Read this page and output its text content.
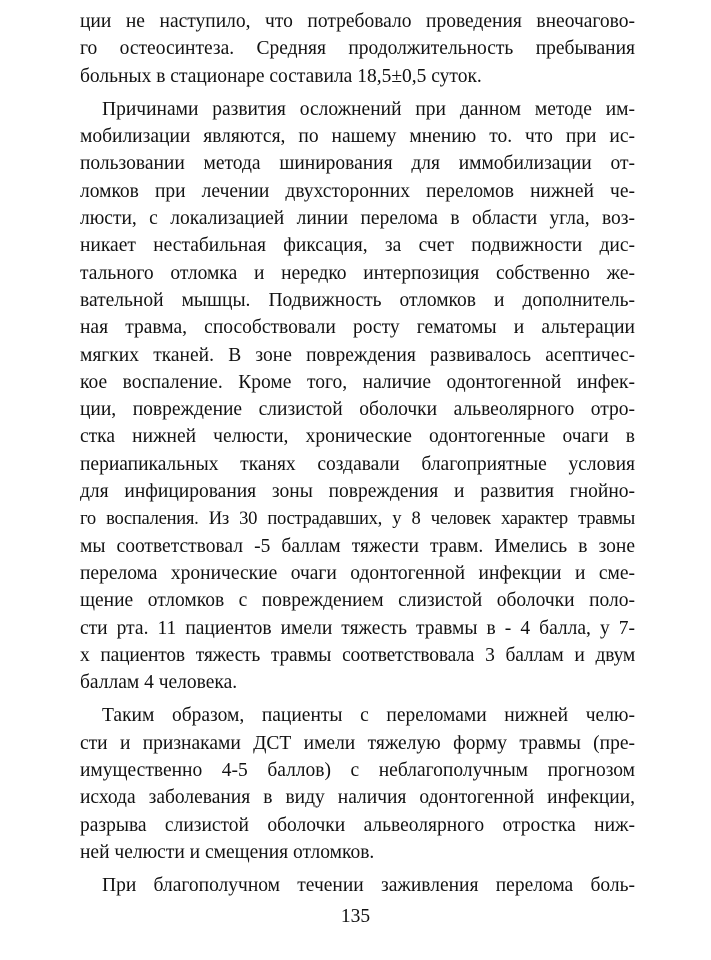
ции не наступило, что потребовало проведения внеочагово-
го остеосинтеза. Средняя продолжительность пребывания
больных в стационаре составила 18,5±0,5 суток.
Причинами развития осложнений при данном методе им-
мобилизации являются, по нашему мнению то. что при ис-
пользовании метода шинирования для иммобилизации от-
ломков при лечении двухсторонних переломов нижней че-
люсти, с локализацией линии перелома в области угла, воз-
никает нестабильная фиксация, за счет подвижности дис-
тального отломка и нередко интерпозиция собственно же-
вательной мышцы. Подвижность отломков и дополнитель-
ная травма, способствовали росту гематомы и альтерации
мягких тканей. В зоне повреждения развивалось асептичес-
кое воспаление. Кроме того, наличие одонтогенной инфек-
ции, повреждение слизистой оболочки альвеолярного отро-
стка нижней челюсти, хронические одонтогенные очаги в
периапикальных тканях создавали благоприятные условия
для инфицирования зоны повреждения и развития гнойно-
го воспаления. Из 30 пострадавших, у 8 человек характер травмы
мы соответствовал -5 баллам тяжести травм. Имелись в зоне
перелома хронические очаги одонтогенной инфекции и сме-
щение отломков с повреждением слизистой оболочки поло-
сти рта. 11 пациентов имели тяжесть травмы в - 4 балла, у 7-
х пациентов тяжесть травмы соответствовала 3 баллам и двум
баллам 4 человека.
Таким образом, пациенты с переломами нижней челю-
сти и признаками ДСТ имели тяжелую форму травмы (пре-
имущественно 4-5 баллов) с неблагополучным прогнозом
исхода заболевания в виду наличия одонтогенной инфекции,
разрыва слизистой оболочки альвеолярного отростка ниж-
ней челюсти и смещения отломков.
При благополучном течении заживления перелома боль-
135
